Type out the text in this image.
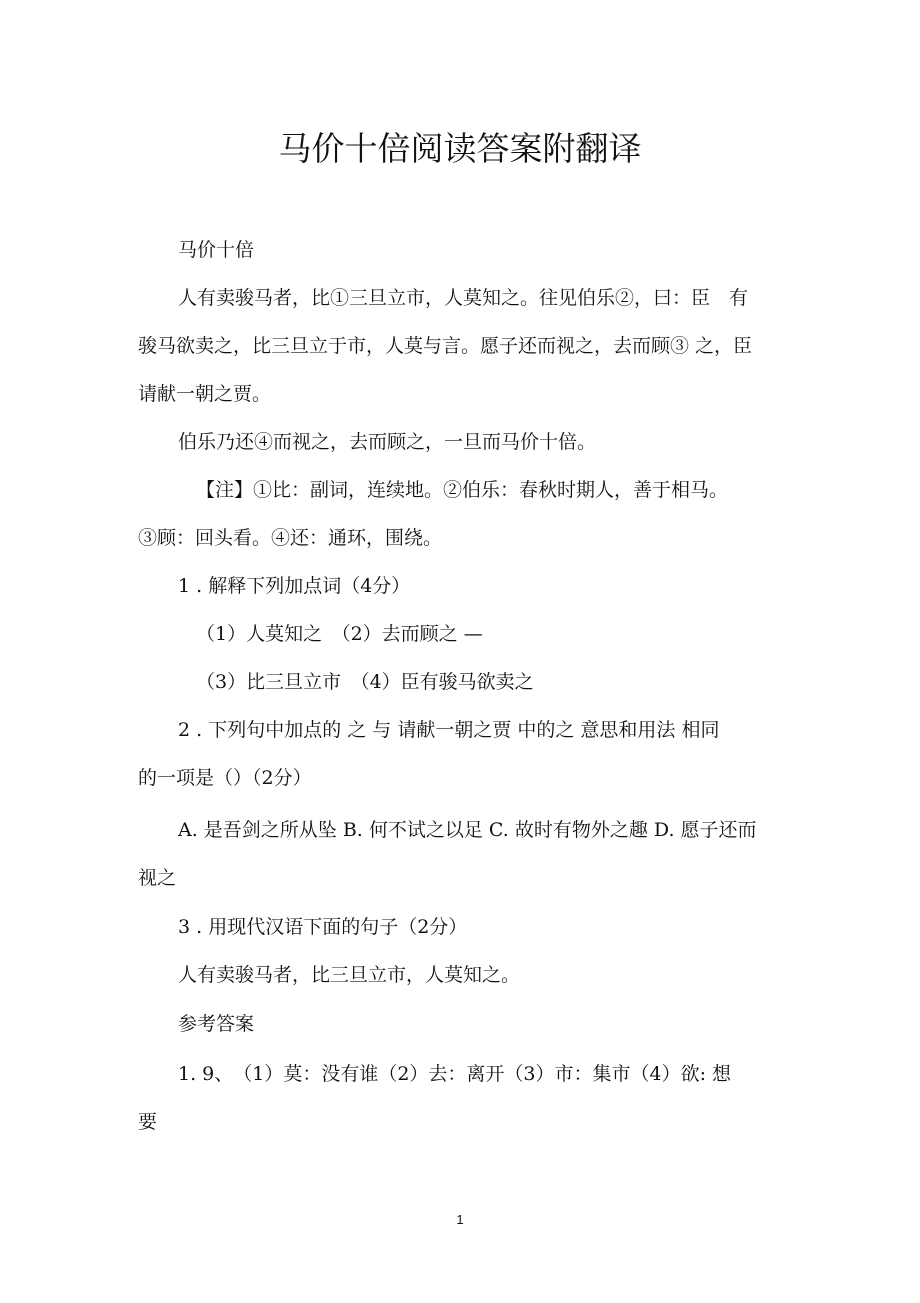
马价十倍阅读答案附翻译
马价十倍
人有卖骏马者，比①三旦立市，人莫知之。往见伯乐②，曰：臣　有
骏马欲卖之，比三旦立于市，人莫与言。愿子还而视之，去而顾③ 之，臣
请献一朝之贾。
伯乐乃还④而视之，去而顾之，一旦而马价十倍。
【注】①比：副词，连续地。②伯乐：春秋时期人，善于相马。
③顾：回头看。④还：通环，围绕。
1 . 解释下列加点词（4分）
（1）人莫知之　（2）去而顾之 —
（3）比三旦立市　（4）臣有骏马欲卖之
2 . 下列句中加点的 之 与 请献一朝之贾 中的之 意思和用法 相同
的一项是（）（2分）
A. 是吾剑之所从坠 B. 何不试之以足 C. 故时有物外之趣 D. 愿子还而
视之
3 . 用现代汉语下面的句子（2分）
人有卖骏马者，比三旦立市，人莫知之。
参考答案
1. 9、　（1）莫：没有谁（2）去：离开（3）市：集市（4）欲: 想
要
1
